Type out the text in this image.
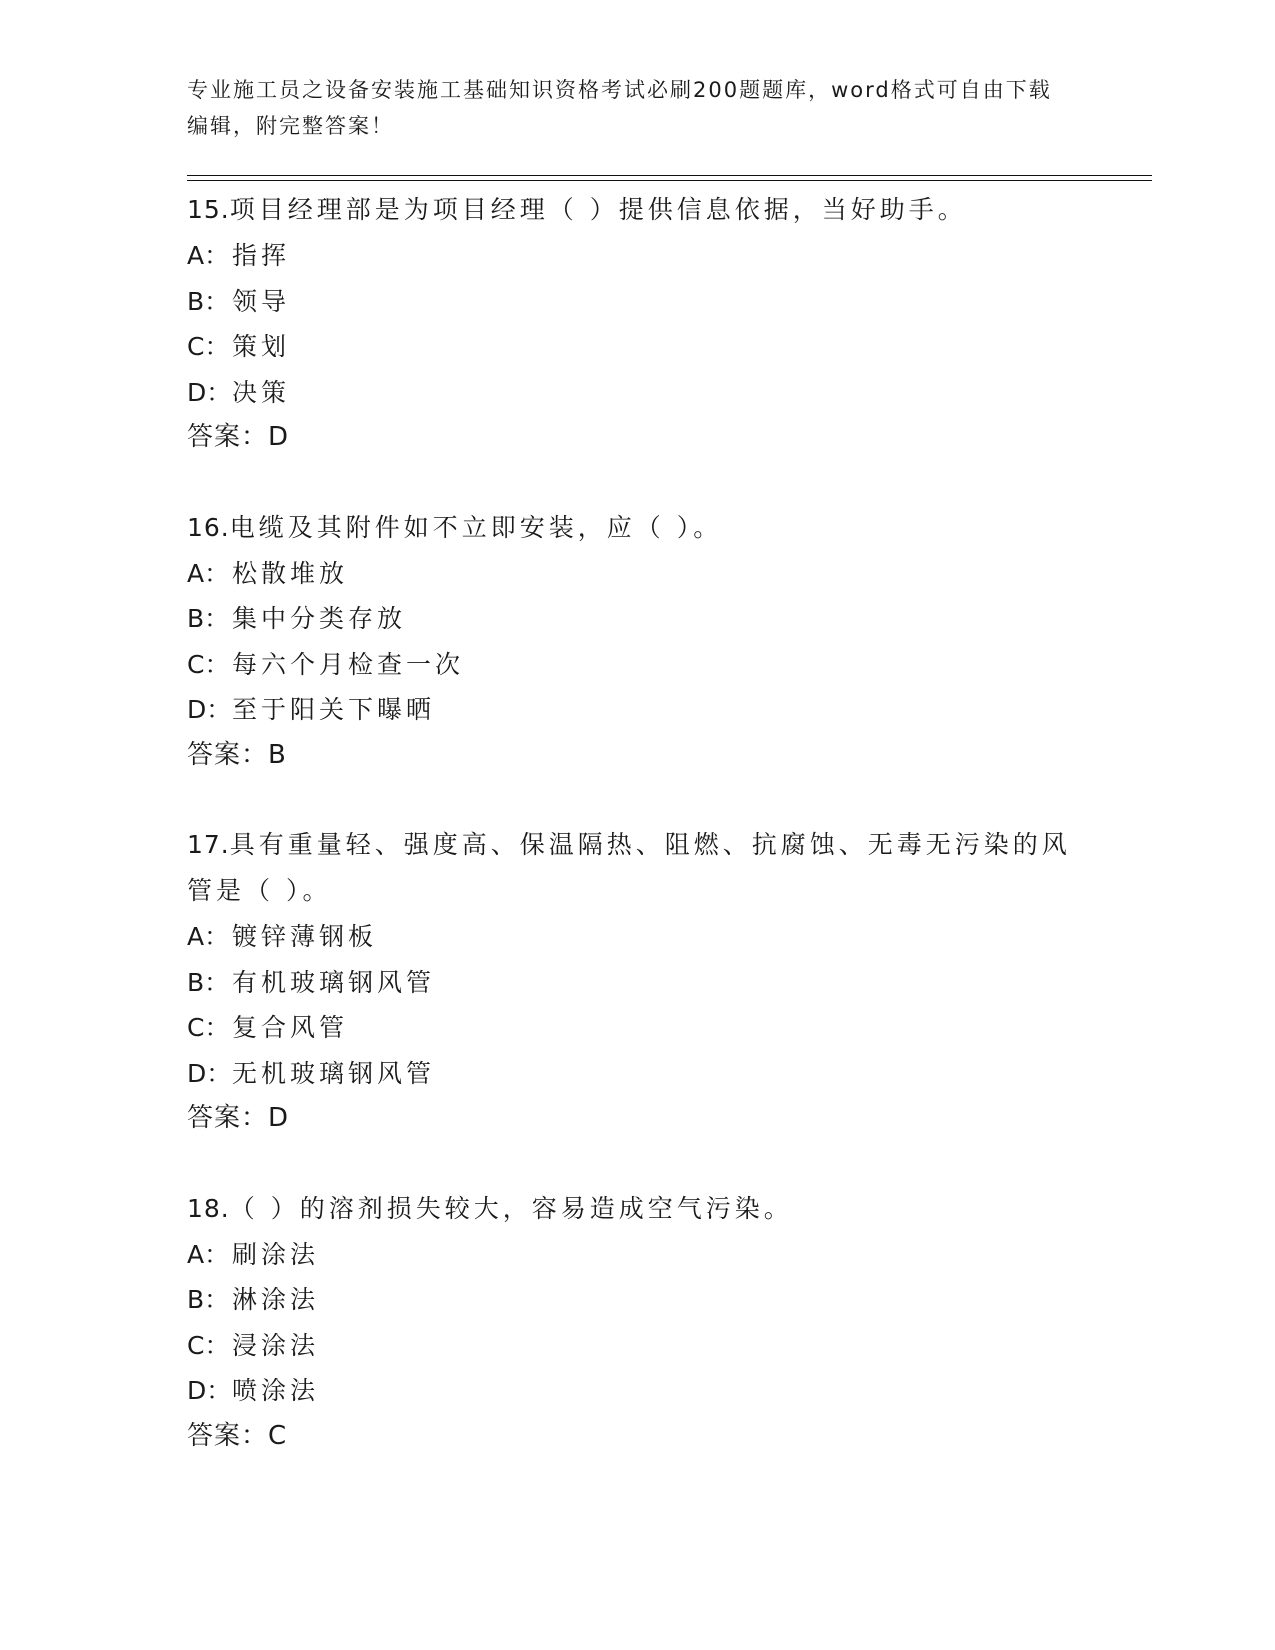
专业施工员之设备安装施工基础知识资格考试必刷200题题库，word格式可自由下载编辑，附完整答案！

15.项目经理部是为项目经理（ ）提供信息依据，当好助手。

A： 指挥

B： 领导

C： 策划

D： 决策

答案：D

16.电缆及其附件如不立即安装，应（ ）。

A： 松散堆放

B： 集中分类存放

C： 每六个月检查一次

D： 至于阳关下曝晒

答案：B

17.具有重量轻、强度高、保温隔热、阻燃、抗腐蚀、无毒无污染的风管是（ ）。

A： 镀锌薄钢板

B： 有机玻璃钢风管

C： 复合风管

D： 无机玻璃钢风管

答案：D

18.（ ）的溶剂损失较大，容易造成空气污染。

A： 刷涂法

B： 淋涂法

C： 浸涂法

D： 喷涂法

答案：C
